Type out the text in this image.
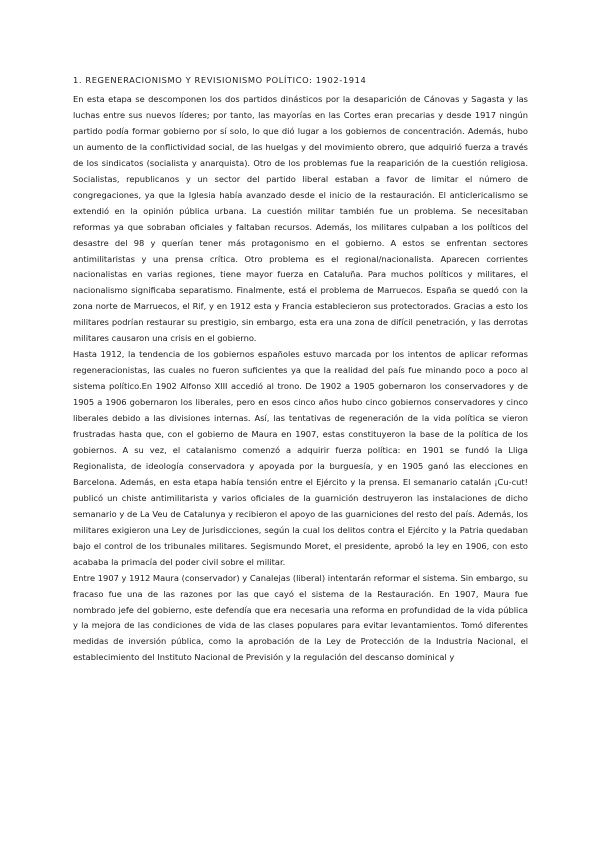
1. REGENERACIONISMO Y REVISIONISMO POLÍTICO: 1902-1914

En esta etapa se descomponen los dos partidos dinásticos por la desaparición de Cánovas y Sagasta y las luchas entre sus nuevos líderes; por tanto, las mayorías en las Cortes eran precarias y desde 1917 ningún partido podía formar gobierno por sí solo, lo que dió lugar a los gobiernos de concentración. Además, hubo un aumento de la conflictividad social, de las huelgas y del movimiento obrero, que adquirió fuerza a través de los sindicatos (socialista y anarquista). Otro de los problemas fue la reaparición de la cuestión religiosa. Socialistas, republicanos y un sector del partido liberal estaban a favor de limitar el número de congregaciones, ya que la Iglesia había avanzado desde el inicio de la restauración. El anticlericalismo se extendió en la opinión pública urbana. La cuestión militar también fue un problema. Se necesitaban reformas ya que sobraban oficiales y faltaban recursos. Además, los militares culpaban a los políticos del desastre del 98 y querían tener más protagonismo en el gobierno. A estos se enfrentan sectores antimilitaristas y una prensa crítica. Otro problema es el regional/nacionalista. Aparecen corrientes nacionalistas en varias regiones, tiene mayor fuerza en Cataluña. Para muchos políticos y militares, el nacionalismo significaba separatismo. Finalmente, está el problema de Marruecos. España se quedó con la zona norte de Marruecos, el Rif, y en 1912 esta y Francia establecieron sus protectorados. Gracias a esto los militares podrían restaurar su prestigio, sin embargo, esta era una zona de difícil penetración, y las derrotas militares causaron una crisis en el gobierno.

Hasta 1912, la tendencia de los gobiernos españoles estuvo marcada por los intentos de aplicar reformas regeneracionistas, las cuales no fueron suficientes ya que la realidad del país fue minando poco a poco al sistema político.En 1902 Alfonso XIII accedió al trono. De 1902 a 1905 gobernaron los conservadores y de 1905 a 1906 gobernaron los liberales, pero en esos cinco años hubo cinco gobiernos conservadores y cinco liberales debido a las divisiones internas. Así, las tentativas de regeneración de la vida política se vieron frustradas hasta que, con el gobierno de Maura en 1907, estas constituyeron la base de la política de los gobiernos. A su vez, el catalanismo comenzó a adquirir fuerza política: en 1901 se fundó la Lliga Regionalista, de ideología conservadora y apoyada por la burguesía, y en 1905 ganó las elecciones en Barcelona. Además, en esta etapa había tensión entre el Ejército y la prensa. El semanario catalán ¡Cu-cut! publicó un chiste antimilitarista y varios oficiales de la guarnición destruyeron las instalaciones de dicho semanario y de La Veu de Catalunya y recibieron el apoyo de las guarniciones del resto del país. Además, los militares exigieron una Ley de Jurisdicciones, según la cual los delitos contra el Ejército y la Patria quedaban bajo el control de los tribunales militares. Segismundo Moret, el presidente, aprobó la ley en 1906, con esto acababa la primacía del poder civil sobre el militar.

Entre 1907 y 1912 Maura (conservador) y Canalejas (liberal) intentarán reformar el sistema. Sin embargo, su fracaso fue una de las razones por las que cayó el sistema de la Restauración. En 1907, Maura fue nombrado jefe del gobierno, este defendía que era necesaria una reforma en profundidad de la vida pública y la mejora de las condiciones de vida de las clases populares para evitar levantamientos. Tomó diferentes medidas de inversión pública, como la aprobación de la Ley de Protección de la Industria Nacional, el establecimiento del Instituto Nacional de Previsión y la regulación del descanso dominical y
